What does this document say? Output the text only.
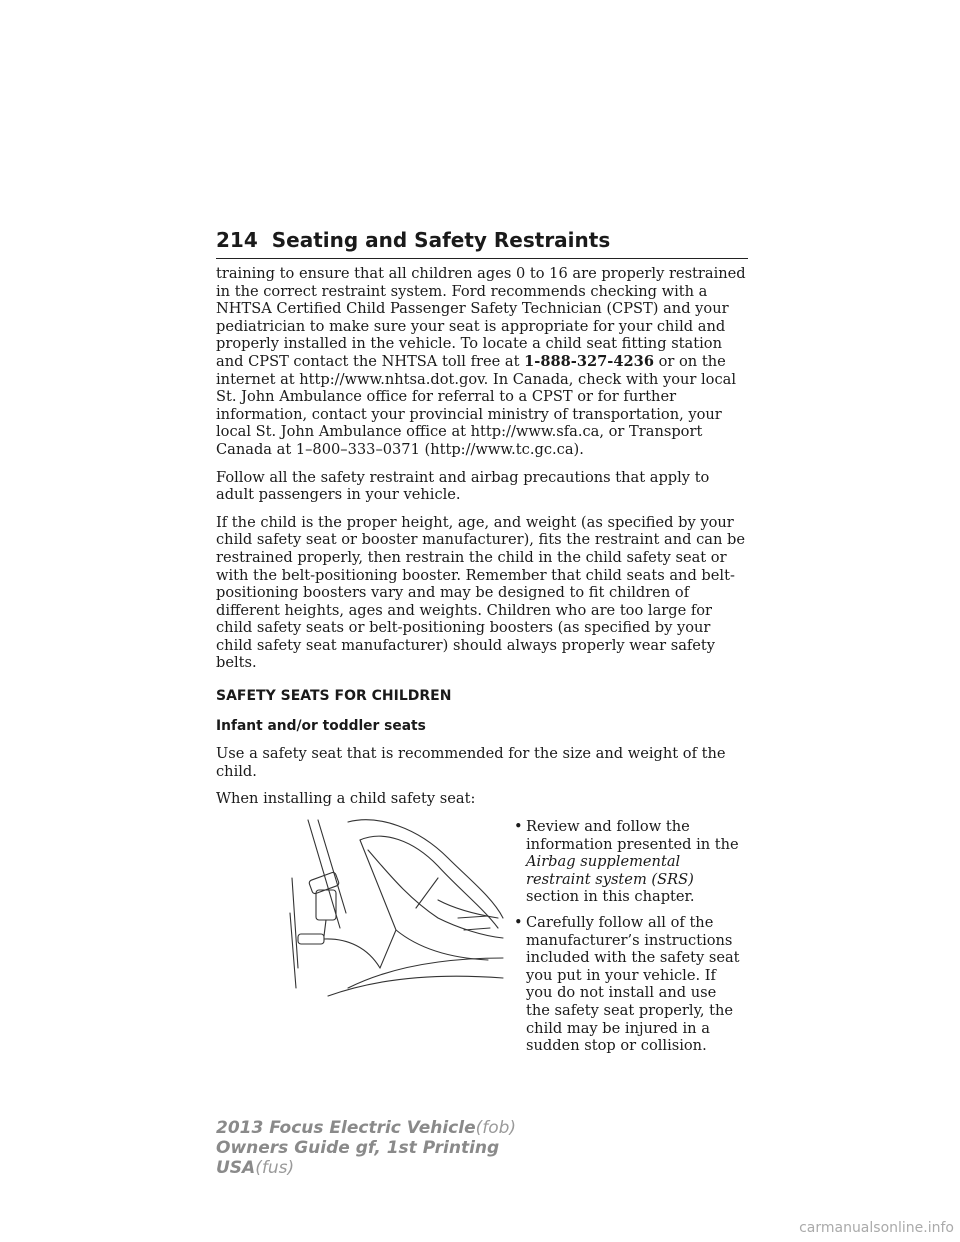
214 Seating and Safety Restraints

training to ensure that all children ages 0 to 16 are properly restrained in the correct restraint system. Ford recommends checking with a NHTSA Certified Child Passenger Safety Technician (CPST) and your pediatrician to make sure your seat is appropriate for your child and properly installed in the vehicle. To locate a child seat fitting station and CPST contact the NHTSA toll free at 1-888-327-4236 or on the internet at http://www.nhtsa.dot.gov. In Canada, check with your local St. John Ambulance office for referral to a CPST or for further information, contact your provincial ministry of transportation, your local St. John Ambulance office at http://www.sfa.ca, or Transport Canada at 1–800–333–0371 (http://www.tc.gc.ca).

Follow all the safety restraint and airbag precautions that apply to adult passengers in your vehicle.

If the child is the proper height, age, and weight (as specified by your child safety seat or booster manufacturer), fits the restraint and can be restrained properly, then restrain the child in the child safety seat or with the belt-positioning booster. Remember that child seats and belt-positioning boosters vary and may be designed to fit children of different heights, ages and weights. Children who are too large for child safety seats or belt-positioning boosters (as specified by your child safety seat manufacturer) should always properly wear safety belts.

SAFETY SEATS FOR CHILDREN
Infant and/or toddler seats

Use a safety seat that is recommended for the size and weight of the child.

When installing a child safety seat:

• Review and follow the information presented in the Airbag supplemental restraint system (SRS) section in this chapter.
• Carefully follow all of the manufacturer’s instructions included with the safety seat you put in your vehicle. If you do not install and use the safety seat properly, the child may be injured in a sudden stop or collision.
2013 Focus Electric Vehicle(fob)
Owners Guide gf, 1st Printing
USA(fus)
carmanualsonline.info
